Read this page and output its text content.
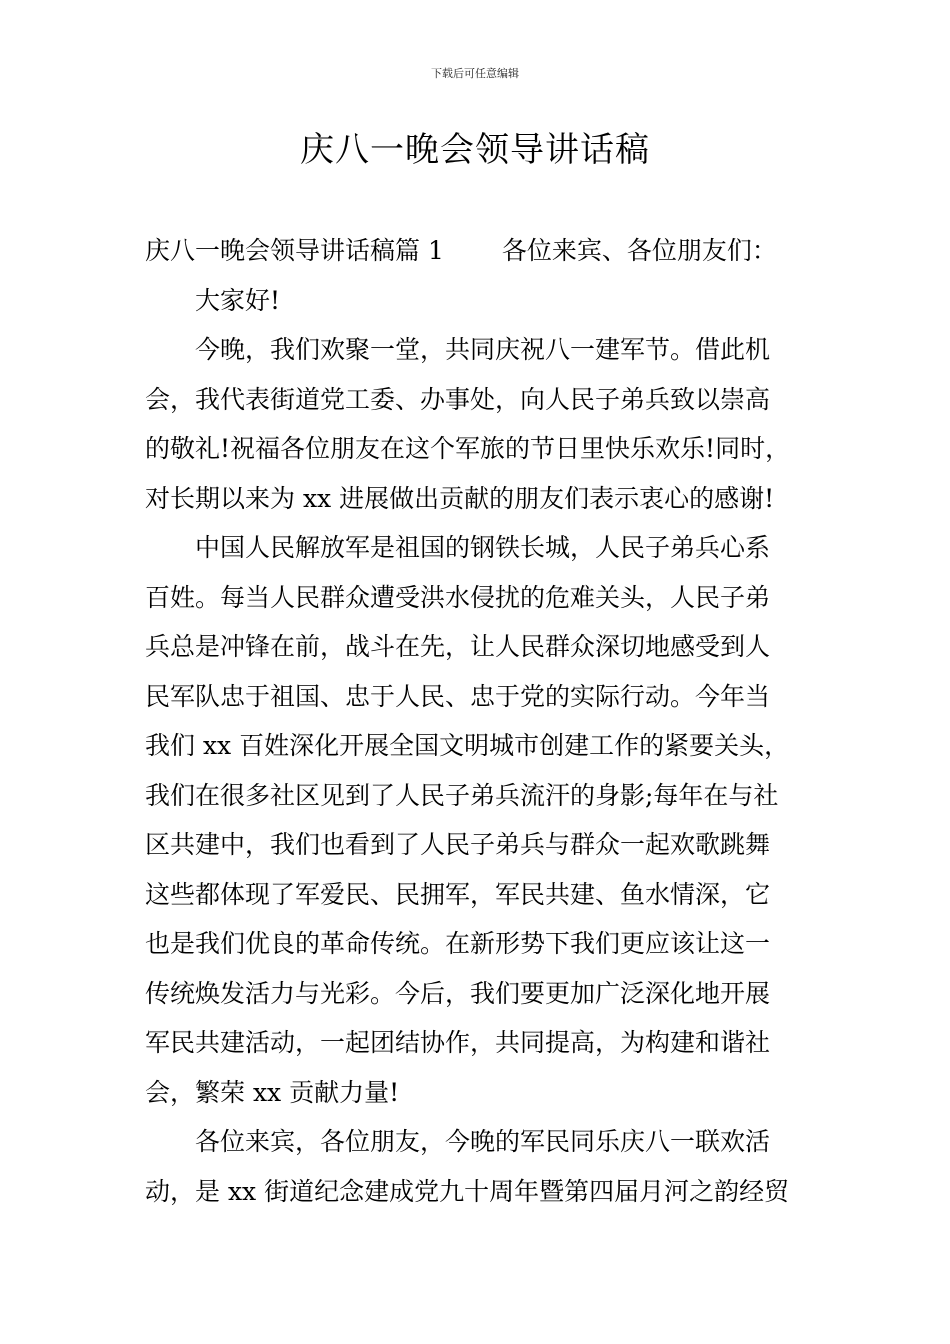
下载后可任意编辑
庆八一晚会领导讲话稿
庆八一晚会领导讲话稿篇 1 各位来宾、各位朋友们：
大家好!
今晚，我们欢聚一堂，共同庆祝八一建军节。借此机
会，我代表街道党工委、办事处，向人民子弟兵致以崇高
的敬礼!祝福各位朋友在这个军旅的节日里快乐欢乐!同时，
对长期以来为 xx 进展做出贡献的朋友们表示衷心的感谢!
中国人民解放军是祖国的钢铁长城，人民子弟兵心系
百姓。每当人民群众遭受洪水侵扰的危难关头，人民子弟
兵总是冲锋在前，战斗在先，让人民群众深切地感受到人
民军队忠于祖国、忠于人民、忠于党的实际行动。今年当
我们 xx 百姓深化开展全国文明城市创建工作的紧要关头，
我们在很多社区见到了人民子弟兵流汗的身影;每年在与社
区共建中，我们也看到了人民子弟兵与群众一起欢歌跳舞
这些都体现了军爱民、民拥军，军民共建、鱼水情深，它
也是我们优良的革命传统。在新形势下我们更应该让这一
传统焕发活力与光彩。今后，我们要更加广泛深化地开展
军民共建活动，一起团结协作，共同提高，为构建和谐社
会，繁荣 xx 贡献力量!
各位来宾，各位朋友，今晚的军民同乐庆八一联欢活
动，是 xx 街道纪念建成党九十周年暨第四届月河之韵经贸
